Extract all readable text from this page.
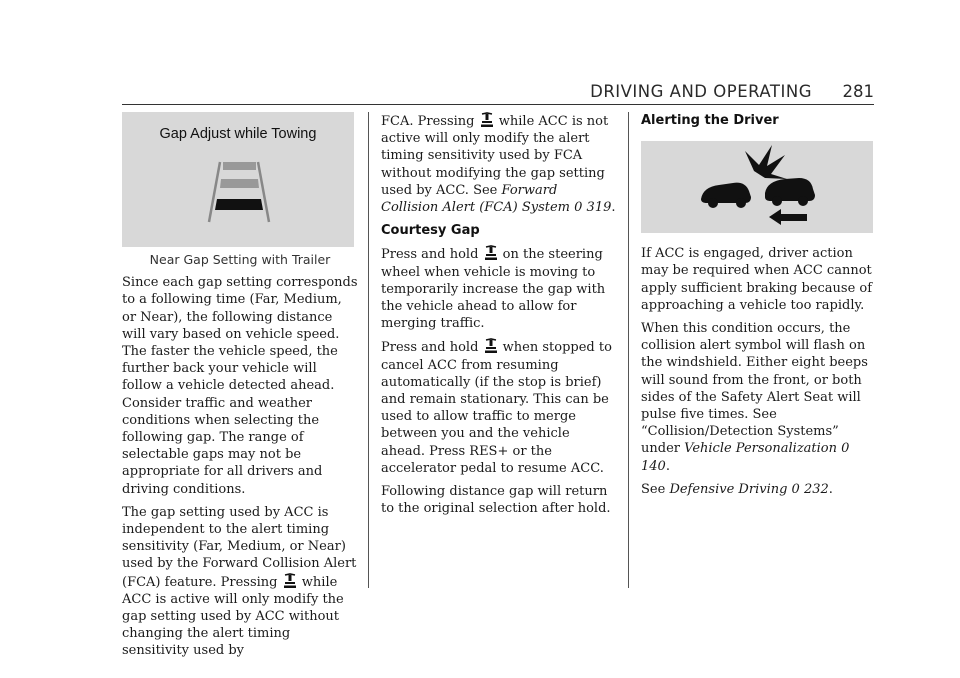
DRIVING AND OPERATING 281
Gap Adjust while Towing

Near Gap Setting with Trailer

Since each gap setting corresponds to a following time (Far, Medium, or Near), the following distance will vary based on vehicle speed. The faster the vehicle speed, the further back your vehicle will follow a vehicle detected ahead. Consider traffic and weather conditions when selecting the following gap. The range of selectable gaps may not be appropriate for all drivers and driving conditions.

The gap setting used by ACC is independent to the alert timing sensitivity (Far, Medium, or Near) used by the Forward Collision Alert (FCA) feature. Pressing while ACC is active will only modify the gap setting used by ACC without changing the alert timing sensitivity used by

FCA. Pressing while ACC is not active will only modify the alert timing sensitivity used by FCA without modifying the gap setting used by ACC. See Forward Collision Alert (FCA) System 0 319.

Courtesy Gap

Press and hold on the steering wheel when vehicle is moving to temporarily increase the gap with the vehicle ahead to allow for merging traffic.

Press and hold when stopped to cancel ACC from resuming automatically (if the stop is brief) and remain stationary. This can be used to allow traffic to merge between you and the vehicle ahead. Press RES+ or the accelerator pedal to resume ACC.

Following distance gap will return to the original selection after hold.

Alerting the Driver

If ACC is engaged, driver action may be required when ACC cannot apply sufficient braking because of approaching a vehicle too rapidly.

When this condition occurs, the collision alert symbol will flash on the windshield. Either eight beeps will sound from the front, or both sides of the Safety Alert Seat will pulse five times. See “Collision/Detection Systems” under Vehicle Personalization 0 140.

See Defensive Driving 0 232.
